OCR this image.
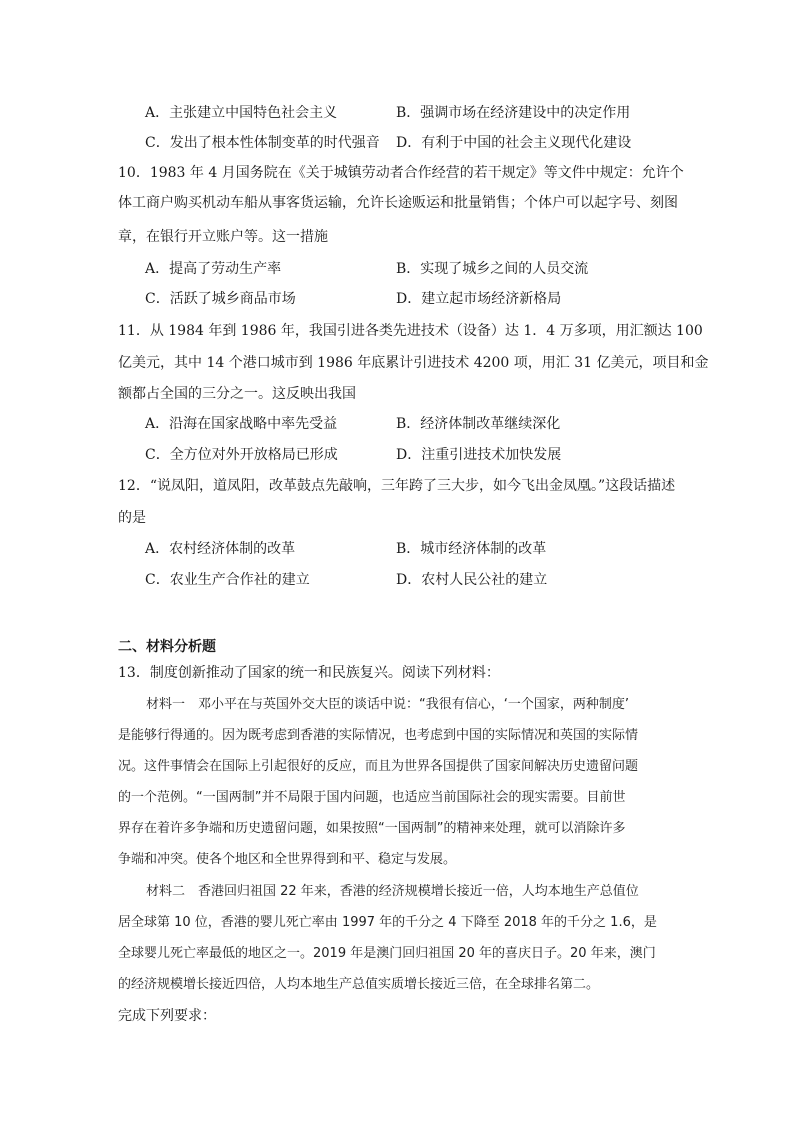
A．主张建立中国特色社会主义	B．强调市场在经济建设中的决定作用
C．发出了根本性体制变革的时代强音 D．有利于中国的社会主义现代化建设
10．1983 年 4 月国务院在《关于城镇劳动者合作经营的若干规定》等文件中规定：允许个
体工商户购买机动车船从事客货运输，允许长途贩运和批量销售；个体户可以起字号、刻图
章，在银行开立账户等。这一措施
A．提高了劳动生产率	B．实现了城乡之间的人员交流
C．活跃了城乡商品市场	D．建立起市场经济新格局
11．从 1984 年到 1986 年，我国引进各类先进技术（设备）达 1．4 万多项，用汇额达 100
亿美元，其中 14 个港口城市到 1986 年底累计引进技术 4200 项，用汇 31 亿美元，项目和金
额都占全国的三分之一。这反映出我国
A．沿海在国家战略中率先受益	B．经济体制改革继续深化
C．全方位对外开放格局已形成	D．注重引进技术加快发展
12．“说凤阳，道凤阳，改革鼓点先敲响，三年跨了三大步，如今飞出金凤凰。”这段话描述
的是
A．农村经济体制的改革	B．城市经济体制的改革
C．农业生产合作社的建立	D．农村人民公社的建立
二、材料分析题
13．制度创新推动了国家的统一和民族复兴。阅读下列材料：
材料一　邓小平在与英国外交大臣的谈话中说：“我很有信心，‘一个国家，两种制度’
是能够行得通的。因为既考虑到香港的实际情况，也考虑到中国的实际情况和英国的实际情
况。这件事情会在国际上引起很好的反应，而且为世界各国提供了国家间解决历史遗留问题
的一个范例。“一国两制”并不局限于国内问题，也适应当前国际社会的现实需要。目前世
界存在着许多争端和历史遗留问题，如果按照“一国两制”的精神来处理，就可以消除许多
争端和冲突。使各个地区和全世界得到和平、稳定与发展。
材料二　香港回归祖国 22 年来，香港的经济规模增长接近一倍，人均本地生产总值位
居全球第 10 位，香港的婴儿死亡率由 1997 年的千分之 4 下降至 2018 年的千分之 1.6，是
全球婴儿死亡率最低的地区之一。2019 年是澳门回归祖国 20 年的喜庆日子。20 年来，澳门
的经济规模增长接近四倍，人均本地生产总值实质增长接近三倍，在全球排名第二。
完成下列要求：
